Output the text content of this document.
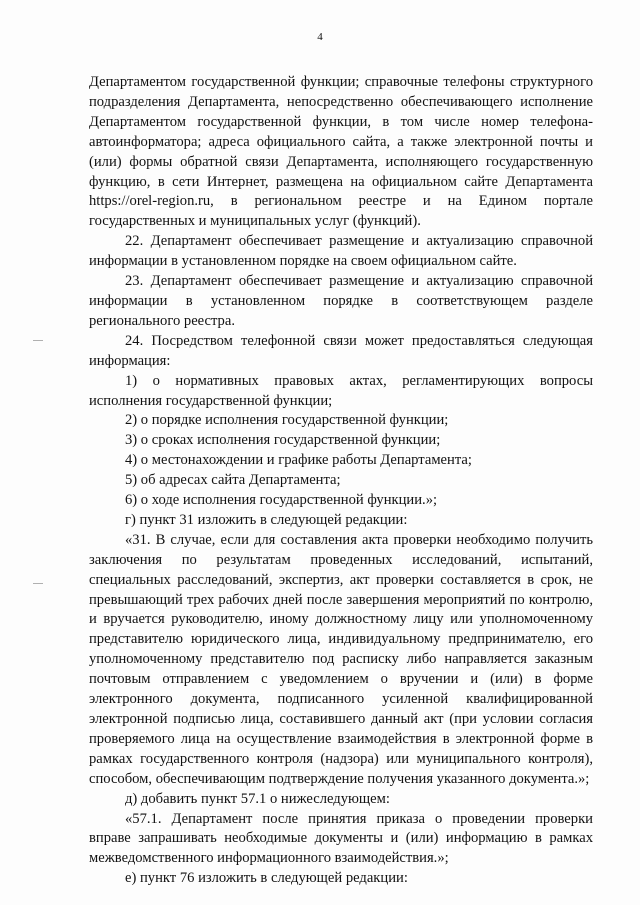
4

Департаментом государственной функции; справочные телефоны структурного подразделения Департамента, непосредственно обеспечивающего исполнение Департаментом государственной функции, в том числе номер телефона-автоинформатора; адреса официального сайта, а также электронной почты и (или) формы обратной связи Департамента, исполняющего государственную функцию, в сети Интернет, размещена на официальном сайте Департамента https://orel-region.ru, в региональном реестре и на Едином портале государственных и муниципальных услуг (функций).

22. Департамент обеспечивает размещение и актуализацию справочной информации в установленном порядке на своем официальном сайте.

23. Департамент обеспечивает размещение и актуализацию справочной информации в установленном порядке в соответствующем разделе регионального реестра.

24. Посредством телефонной связи может предоставляться следующая информация:

1) о нормативных правовых актах, регламентирующих вопросы исполнения государственной функции;

2) о порядке исполнения государственной функции;

3) о сроках исполнения государственной функции;

4) о местонахождении и графике работы Департамента;

5) об адресах сайта Департамента;

6) о ходе исполнения государственной функции.»;

г) пункт 31 изложить в следующей редакции:

«31. В случае, если для составления акта проверки необходимо получить заключения по результатам проведенных исследований, испытаний, специальных расследований, экспертиз, акт проверки составляется в срок, не превышающий трех рабочих дней после завершения мероприятий по контролю, и вручается руководителю, иному должностному лицу или уполномоченному представителю юридического лица, индивидуальному предпринимателю, его уполномоченному представителю под расписку либо направляется заказным почтовым отправлением с уведомлением о вручении и (или) в форме электронного документа, подписанного усиленной квалифицированной электронной подписью лица, составившего данный акт (при условии согласия проверяемого лица на осуществление взаимодействия в электронной форме в рамках государственного контроля (надзора) или муниципального контроля), способом, обеспечивающим подтверждение получения указанного документа.»;

д) добавить пункт 57.1 о нижеследующем:

«57.1. Департамент после принятия приказа о проведении проверки вправе запрашивать необходимые документы и (или) информацию в рамках межведомственного информационного взаимодействия.»;

е) пункт 76 изложить в следующей редакции:
